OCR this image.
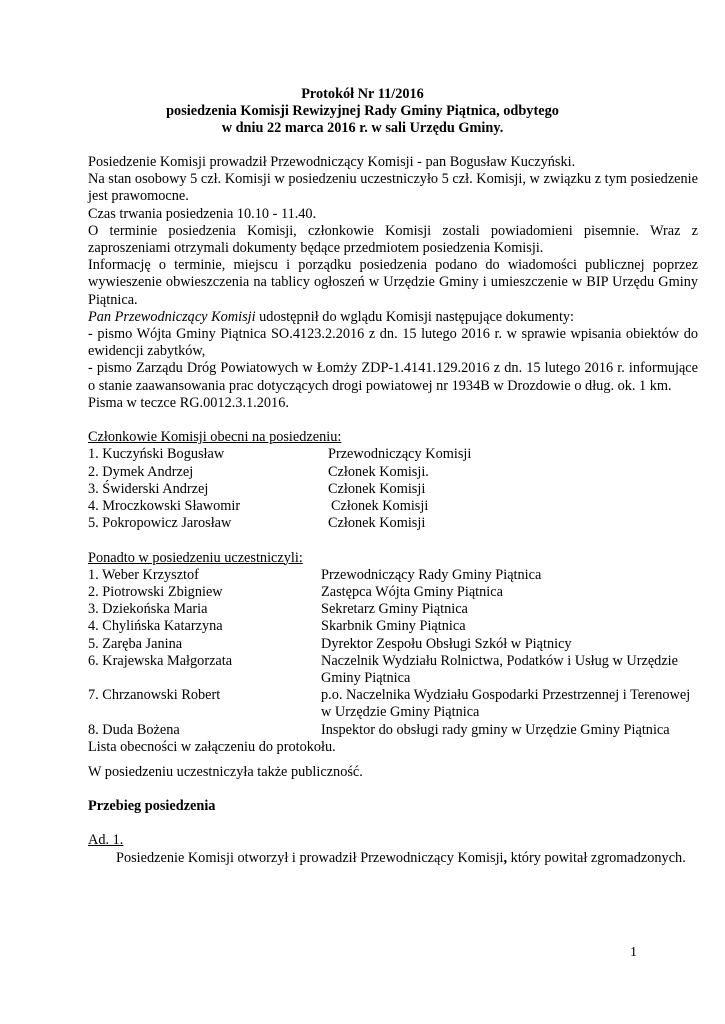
Protokół Nr 11/2016
posiedzenia Komisji Rewizyjnej Rady Gminy Piątnica, odbytego
w dniu 22 marca 2016 r. w sali Urzędu Gminy.

Posiedzenie Komisji prowadził Przewodniczący Komisji - pan Bogusław Kuczyński.

Na stan osobowy 5 czł. Komisji w posiedzeniu uczestniczyło 5 czł. Komisji, w związku z tym posiedzenie jest prawomocne.

Czas trwania posiedzenia 10.10 - 11.40.

O terminie posiedzenia Komisji, członkowie Komisji zostali powiadomieni pisemnie. Wraz z zaproszeniami otrzymali dokumenty będące przedmiotem posiedzenia Komisji.

Informację o terminie, miejscu i porządku posiedzenia podano do wiadomości publicznej poprzez wywieszenie obwieszczenia na tablicy ogłoszeń w Urzędzie Gminy i umieszczenie w BIP Urzędu Gminy Piątnica.

Pan Przewodniczący Komisji udostępnił do wglądu Komisji następujące dokumenty:

- pismo Wójta Gminy Piątnica SO.4123.2.2016 z dn. 15 lutego 2016 r. w sprawie wpisania obiektów do ewidencji zabytków,

- pismo Zarządu Dróg Powiatowych w Łomży ZDP-1.4141.129.2016 z dn. 15 lutego 2016 r. informujące o stanie zaawansowania prac dotyczących drogi powiatowej nr 1934B w Drozdowie o dług. ok. 1 km.

Pisma w teczce RG.0012.3.1.2016.

Członkowie Komisji obecni na posiedzeniu:

1. Kuczyński Bogusław	Przewodniczący Komisji
2. Dymek Andrzej	Członek Komisji.
3. Świderski Andrzej	Członek Komisji
4. Mroczkowski Sławomir	Członek Komisji
5. Pokropowicz Jarosław	Członek Komisji

Ponadto w posiedzeniu uczestniczyli:

1. Weber Krzysztof	Przewodniczący Rady Gminy Piątnica
2. Piotrowski Zbigniew	Zastępca Wójta Gminy Piątnica
3. Dziekońska Maria	Sekretarz Gminy Piątnica
4. Chylińska Katarzyna	Skarbnik Gminy Piątnica
5. Zaręba Janina	Dyrektor Zespołu Obsługi Szkół w Piątnicy
6. Krajewska Małgorzata	Naczelnik Wydziału Rolnictwa, Podatków i Usług w Urzędzie Gminy Piątnica
7. Chrzanowski Robert	p.o. Naczelnika Wydziału Gospodarki Przestrzennej i Terenowej w Urzędzie Gminy Piątnica
8. Duda Bożena	Inspektor do obsługi rady gminy w Urzędzie Gminy Piątnica

Lista obecności w załączeniu do protokołu.

W posiedzeniu uczestniczyła także publiczność.

Przebieg posiedzenia

Ad. 1.

Posiedzenie Komisji otworzył i prowadził Przewodniczący Komisji, który powitał zgromadzonych.

1
